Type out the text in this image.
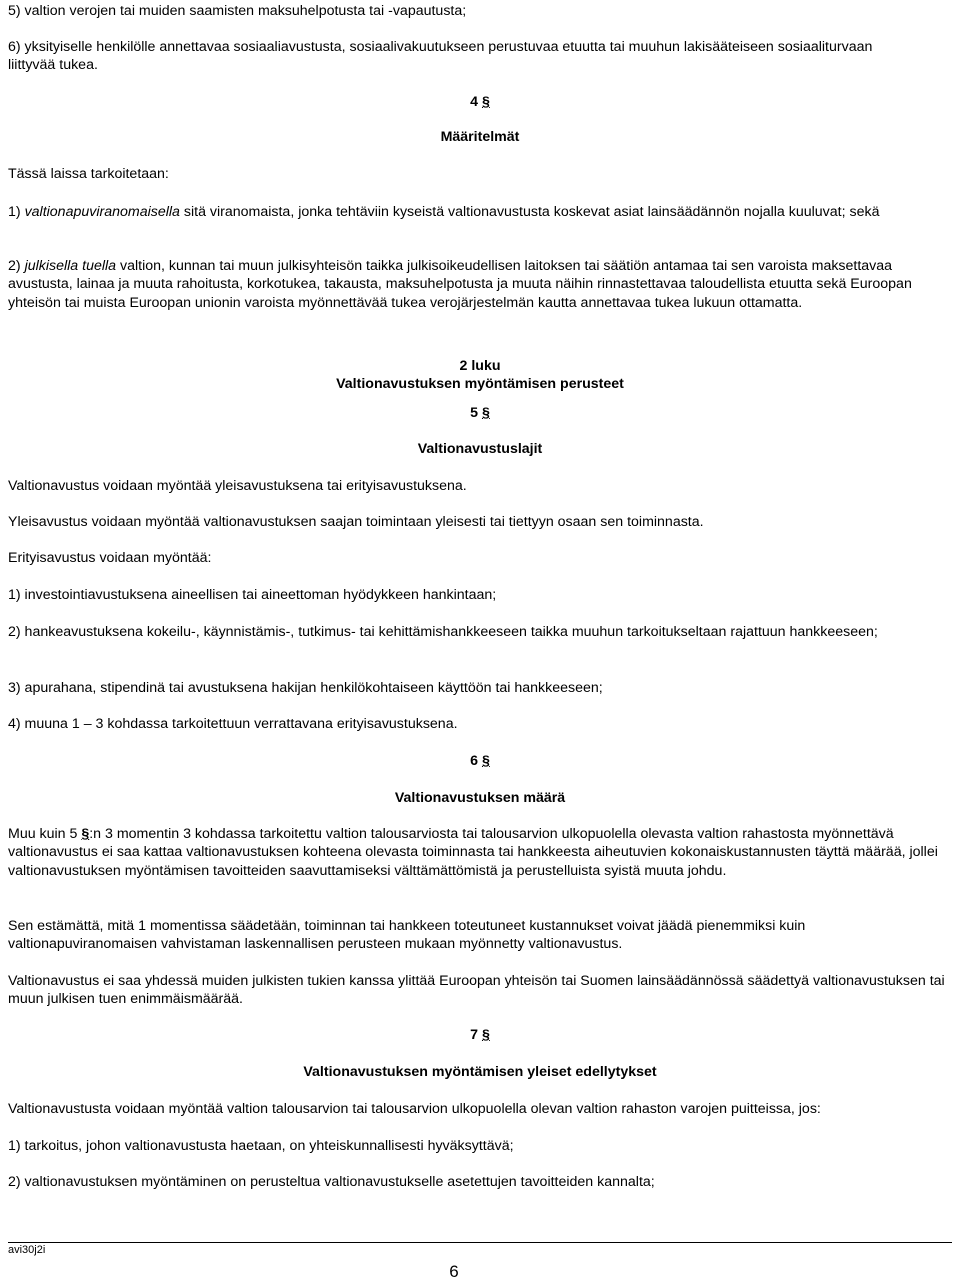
5) valtion verojen tai muiden saamisten maksuhelpotusta tai -vapautusta;

6) yksityiselle henkilölle annettavaa sosiaaliavustusta, sosiaalivakuutukseen perustuvaa etuutta tai muuhun lakisääteiseen sosiaaliturvaan liittyvää tukea.

4 §
Määritelmät

Tässä laissa tarkoitetaan:

1) valtionapuviranomaisella sitä viranomaista, jonka tehtäviin kyseistä valtionavustusta koskevat asiat lainsäädännön nojalla kuuluvat; sekä

2) julkisella tuella valtion, kunnan tai muun julkisyhteisön taikka julkisoikeudellisen laitoksen tai säätiön antamaa tai sen varoista maksettavaa avustusta, lainaa ja muuta rahoitusta, korkotukea, takausta, maksuhelpotusta ja muuta näihin rinnastettavaa taloudellista etuutta sekä Euroopan yhteisön tai muista Euroopan unionin varoista myönnettävää tukea verojärjestelmän kautta annettavaa tukea lukuun ottamatta.

2 luku
Valtionavustuksen myöntämisen perusteet
5 §
Valtionavustuslajit

Valtionavustus voidaan myöntää yleisavustuksena tai erityisavustuksena.

Yleisavustus voidaan myöntää valtionavustuksen saajan toimintaan yleisesti tai tiettyyn osaan sen toiminnasta.

Erityisavustus voidaan myöntää:

1) investointiavustuksena aineellisen tai aineettoman hyödykkeen hankintaan;

2) hankeavustuksena kokeilu-, käynnistämis-, tutkimus- tai kehittämishankkeeseen taikka muuhun tarkoitukseltaan rajattuun hankkeeseen;

3) apurahana, stipendinä tai avustuksena hakijan henkilökohtaiseen käyttöön tai hankkeeseen;

4) muuna 1 – 3 kohdassa tarkoitettuun verrattavana erityisavustuksena.

6 §
Valtionavustuksen määrä

Muu kuin 5 §:n 3 momentin 3 kohdassa tarkoitettu valtion talousarviosta tai talousarvion ulkopuolella olevasta valtion rahastosta myönnettävä valtionavustus ei saa kattaa valtionavustuksen kohteena olevasta toiminnasta tai hankkeesta aiheutuvien kokonaiskustannusten täyttä määrää, jollei valtionavustuksen myöntämisen tavoitteiden saavuttamiseksi välttämättömistä ja perustelluista syistä muuta johdu.

Sen estämättä, mitä 1 momentissa säädetään, toiminnan tai hankkeen toteutuneet kustannukset voivat jäädä pienemmiksi kuin valtionapuviranomaisen vahvistaman laskennallisen perusteen mukaan myönnetty valtionavustus.

Valtionavustus ei saa yhdessä muiden julkisten tukien kanssa ylittää Euroopan yhteisön tai Suomen lainsäädännössä säädettyä valtionavustuksen tai muun julkisen tuen enimmäismäärää.

7 §
Valtionavustuksen myöntämisen yleiset edellytykset

Valtionavustusta voidaan myöntää valtion talousarvion tai talousarvion ulkopuolella olevan valtion rahaston varojen puitteissa, jos:

1) tarkoitus, johon valtionavustusta haetaan, on yhteiskunnallisesti hyväksyttävä;

2) valtionavustuksen myöntäminen on perusteltua valtionavustukselle asetettujen tavoitteiden kannalta;

avi30j2i
6
